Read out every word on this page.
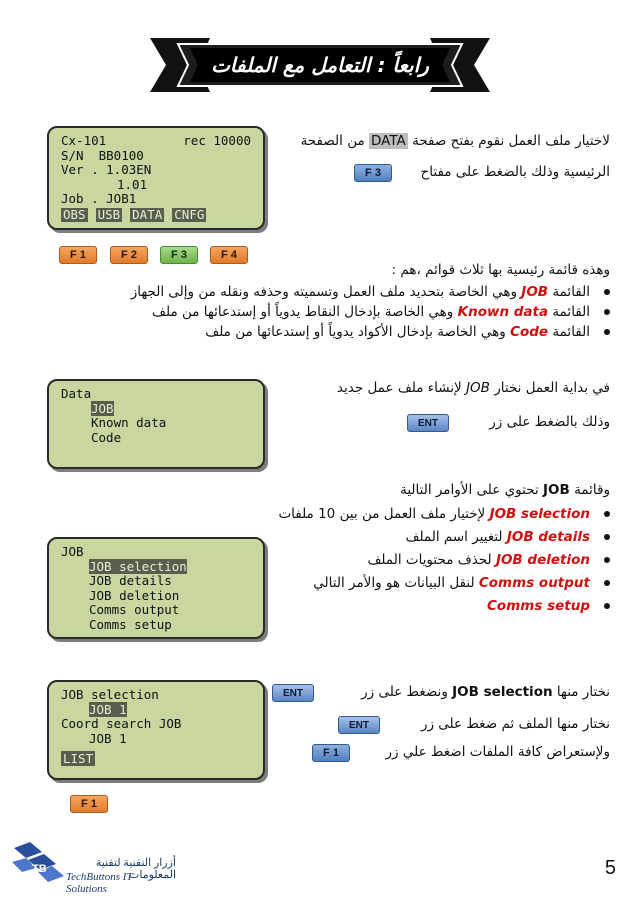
رابعاً : التعامل مع الملفات
Cx-101	rec 10000
S/N  BB0100
Ver . 1.03EN
1.01
Job . JOB1
OBS USB DATA CNFG
F 1	F 2	F 3	F 4
لاختيار ملف العمل نقوم بفتح صفحة DATA من الصفحة
الرئيسية وذلك بالضغط على مفتاح
F 3
وهذه قائمة رئيسية بها ثلاث قوائم ،هم :
القائمة JOB وهي الخاصة بتحديد ملف العمل وتسميته وحذفه ونقله من وإلى الجهاز
القائمة Known data وهي الخاصة بإدخال النقاط يدوياً أو إستدعائها من ملف
القائمة Code وهي الخاصة بإدخال الأكواد يدوياً أو إستدعائها من ملف
Data
JOB
Known data
Code
في بداية العمل نختار JOB لإنشاء ملف عمل جديد
وذلك بالضغط على زر
ENT
وقائمة JOB تحتوي على الأوامر التالية
JOB selection لإختيار ملف العمل من بين 10 ملفات
JOB details لتغيير اسم الملف
JOB deletion لحذف محتويات الملف
Comms output لنقل البيانات هو والأمر التالي
Comms setup
JOB
JOB selection
JOB details
JOB deletion
Comms output
Comms setup
JOB selection
JOB 1
Coord search JOB
JOB 1
LIST
F 1
نختار منها JOB selection ونضغط على زر
ENT
نختار منها الملف ثم ضغط على زر
ENT
ولإستعراض كافة الملفات اضغط علي زر
F 1
TB	أزرار التقنية لتقنية المعلومات
TechButtons IT Solutions
5
